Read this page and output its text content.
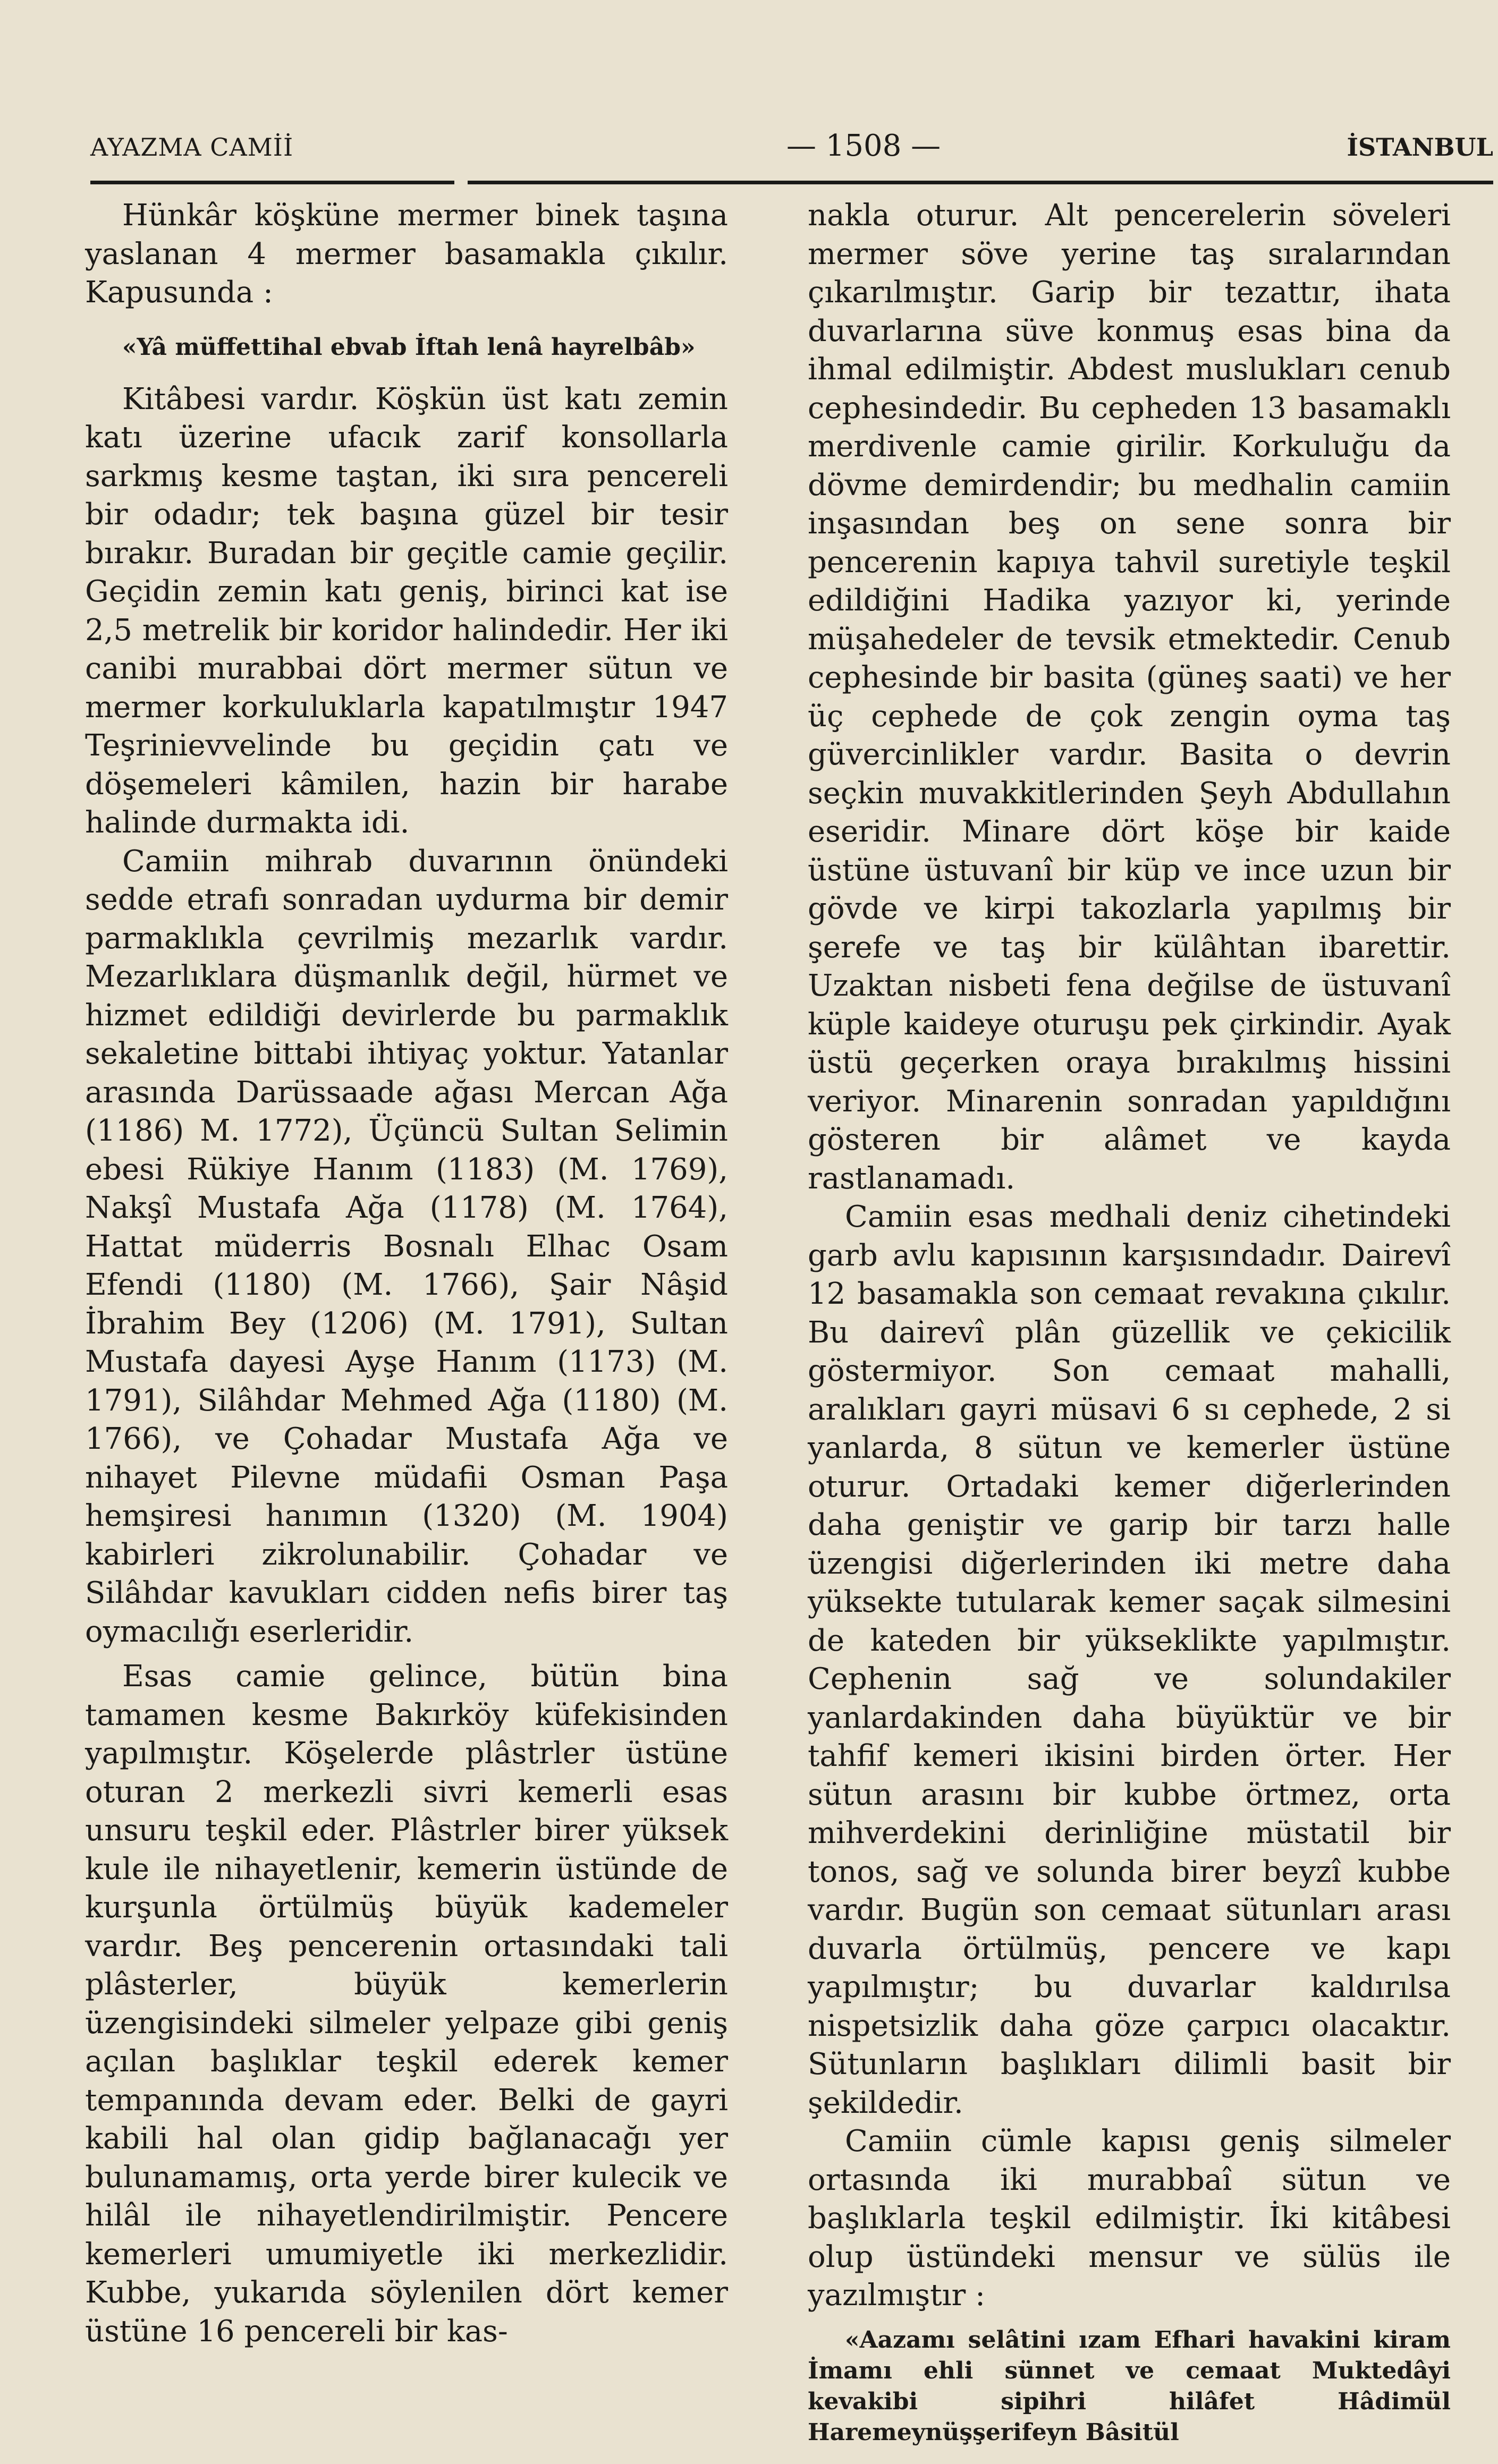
AYAZMA CAMİİ	— 1508 —	İSTANBUL

Hünkâr köşküne mermer binek taşına yaslanan 4 mermer basamakla çıkılır. Kapusunda :

«Yâ müffettihal ebvab İftah lenâ hayrelbâb»

Kitâbesi vardır. Köşkün üst katı zemin katı üzerine ufacık zarif konsollarla sarkmış kesme taştan, iki sıra pencereli bir odadır; tek başına güzel bir tesir bırakır. Buradan bir geçitle camie geçilir. Geçidin zemin katı geniş, birinci kat ise 2,5 metrelik bir koridor halindedir. Her iki canibi murabbai dört mermer sütun ve mermer korkuluklarla kapatılmıştır 1947 Teşrinievvelinde bu geçidin çatı ve döşemeleri kâmilen, hazin bir harabe halinde durmakta idi.

Camiin mihrab duvarının önündeki sedde etrafı sonradan uydurma bir demir parmaklıkla çevrilmiş mezarlık vardır. Mezarlıklara düşmanlık değil, hürmet ve hizmet edildiği devirlerde bu parmaklık sekaletine bittabi ihtiyaç yoktur. Yatanlar arasında Darüssaade ağası Mercan Ağa (1186) M. 1772), Üçüncü Sultan Selimin ebesi Rükiye Hanım (1183) (M. 1769), Nakşî Mustafa Ağa (1178) (M. 1764), Hattat müderris Bosnalı Elhac Osam Efendi (1180) (M. 1766), Şair Nâşid İbrahim Bey (1206) (M. 1791), Sultan Mustafa dayesi Ayşe Hanım (1173) (M. 1791), Silâhdar Mehmed Ağa (1180) (M. 1766), ve Çohadar Mustafa Ağa ve nihayet Pilevne müdafii Osman Paşa hemşiresi hanımın (1320) (M. 1904) kabirleri zikrolunabilir. Çohadar ve Silâhdar kavukları cidden nefis birer taş oymacılığı eserleridir.

Esas camie gelince, bütün bina tamamen kesme Bakırköy küfekisinden yapılmıştır. Köşelerde plâstrler üstüne oturan 2 merkezli sivri kemerli esas unsuru teşkil eder. Plâstrler birer yüksek kule ile nihayetlenir, kemerin üstünde de kurşunla örtülmüş büyük kademeler vardır. Beş pencerenin ortasındaki tali plâsterler, büyük kemerlerin üzengisindeki silmeler yelpaze gibi geniş açılan başlıklar teşkil ederek kemer tempanında devam eder. Belki de gayri kabili hal olan gidip bağlanacağı yer bulunamamış, orta yerde birer kulecik ve hilâl ile nihayetlendirilmiştir. Pencere kemerleri umumiyetle iki merkezlidir. Kubbe, yukarıda söylenilen dört kemer üstüne 16 pencereli bir kas-

nakla oturur. Alt pencerelerin söveleri mermer söve yerine taş sıralarından çıkarılmıştır. Garip bir tezattır, ihata duvarlarına süve konmuş esas bina da ihmal edilmiştir. Abdest muslukları cenub cephesindedir. Bu cepheden 13 basamaklı merdivenle camie girilir. Korkuluğu da dövme demirdendir; bu medhalin camiin inşasından beş on sene sonra bir pencerenin kapıya tahvil suretiyle teşkil edildiğini Hadika yazıyor ki, yerinde müşahedeler de tevsik etmektedir. Cenub cephesinde bir basita (güneş saati) ve her üç cephede de çok zengin oyma taş güvercinlikler vardır. Basita o devrin seçkin muvakkitlerinden Şeyh Abdullahın eseridir. Minare dört köşe bir kaide üstüne üstuvanî bir küp ve ince uzun bir gövde ve kirpi takozlarla yapılmış bir şerefe ve taş bir külâhtan ibarettir. Uzaktan nisbeti fena değilse de üstuvanî küple kaideye oturuşu pek çirkindir. Ayak üstü geçerken oraya bırakılmış hissini veriyor. Minarenin sonradan yapıldığını gösteren bir alâmet ve kayda rastlanamadı.

Camiin esas medhali deniz cihetindeki garb avlu kapısının karşısındadır. Dairevî 12 basamakla son cemaat revakına çıkılır. Bu dairevî plân güzellik ve çekicilik göstermiyor. Son cemaat mahalli, aralıkları gayri müsavi 6 sı cephede, 2 si yanlarda, 8 sütun ve kemerler üstüne oturur. Ortadaki kemer diğerlerinden daha geniştir ve garip bir tarzı halle üzengisi diğerlerinden iki metre daha yüksekte tutularak kemer saçak silmesini de kateden bir yükseklikte yapılmıştır. Cephenin sağ ve solundakiler yanlardakinden daha büyüktür ve bir tahfif kemeri ikisini birden örter. Her sütun arasını bir kubbe örtmez, orta mihverdekini derinliğine müstatil bir tonos, sağ ve solunda birer beyzî kubbe vardır. Bugün son cemaat sütunları arası duvarla örtülmüş, pencere ve kapı yapılmıştır; bu duvarlar kaldırılsa nispetsizlik daha göze çarpıcı olacaktır. Sütunların başlıkları dilimli basit bir şekildedir.

Camiin cümle kapısı geniş silmeler ortasında iki murabbaî sütun ve başlıklarla teşkil edilmiştir. İki kitâbesi olup üstündeki mensur ve sülüs ile yazılmıştır :

«Aazamı selâtini ızam Efhari havakini kiram İmamı ehli sünnet ve cemaat Muktedâyi kevakibi sipihri hilâfet Hâdimül Haremeynüşşerifeyn Bâsitül
